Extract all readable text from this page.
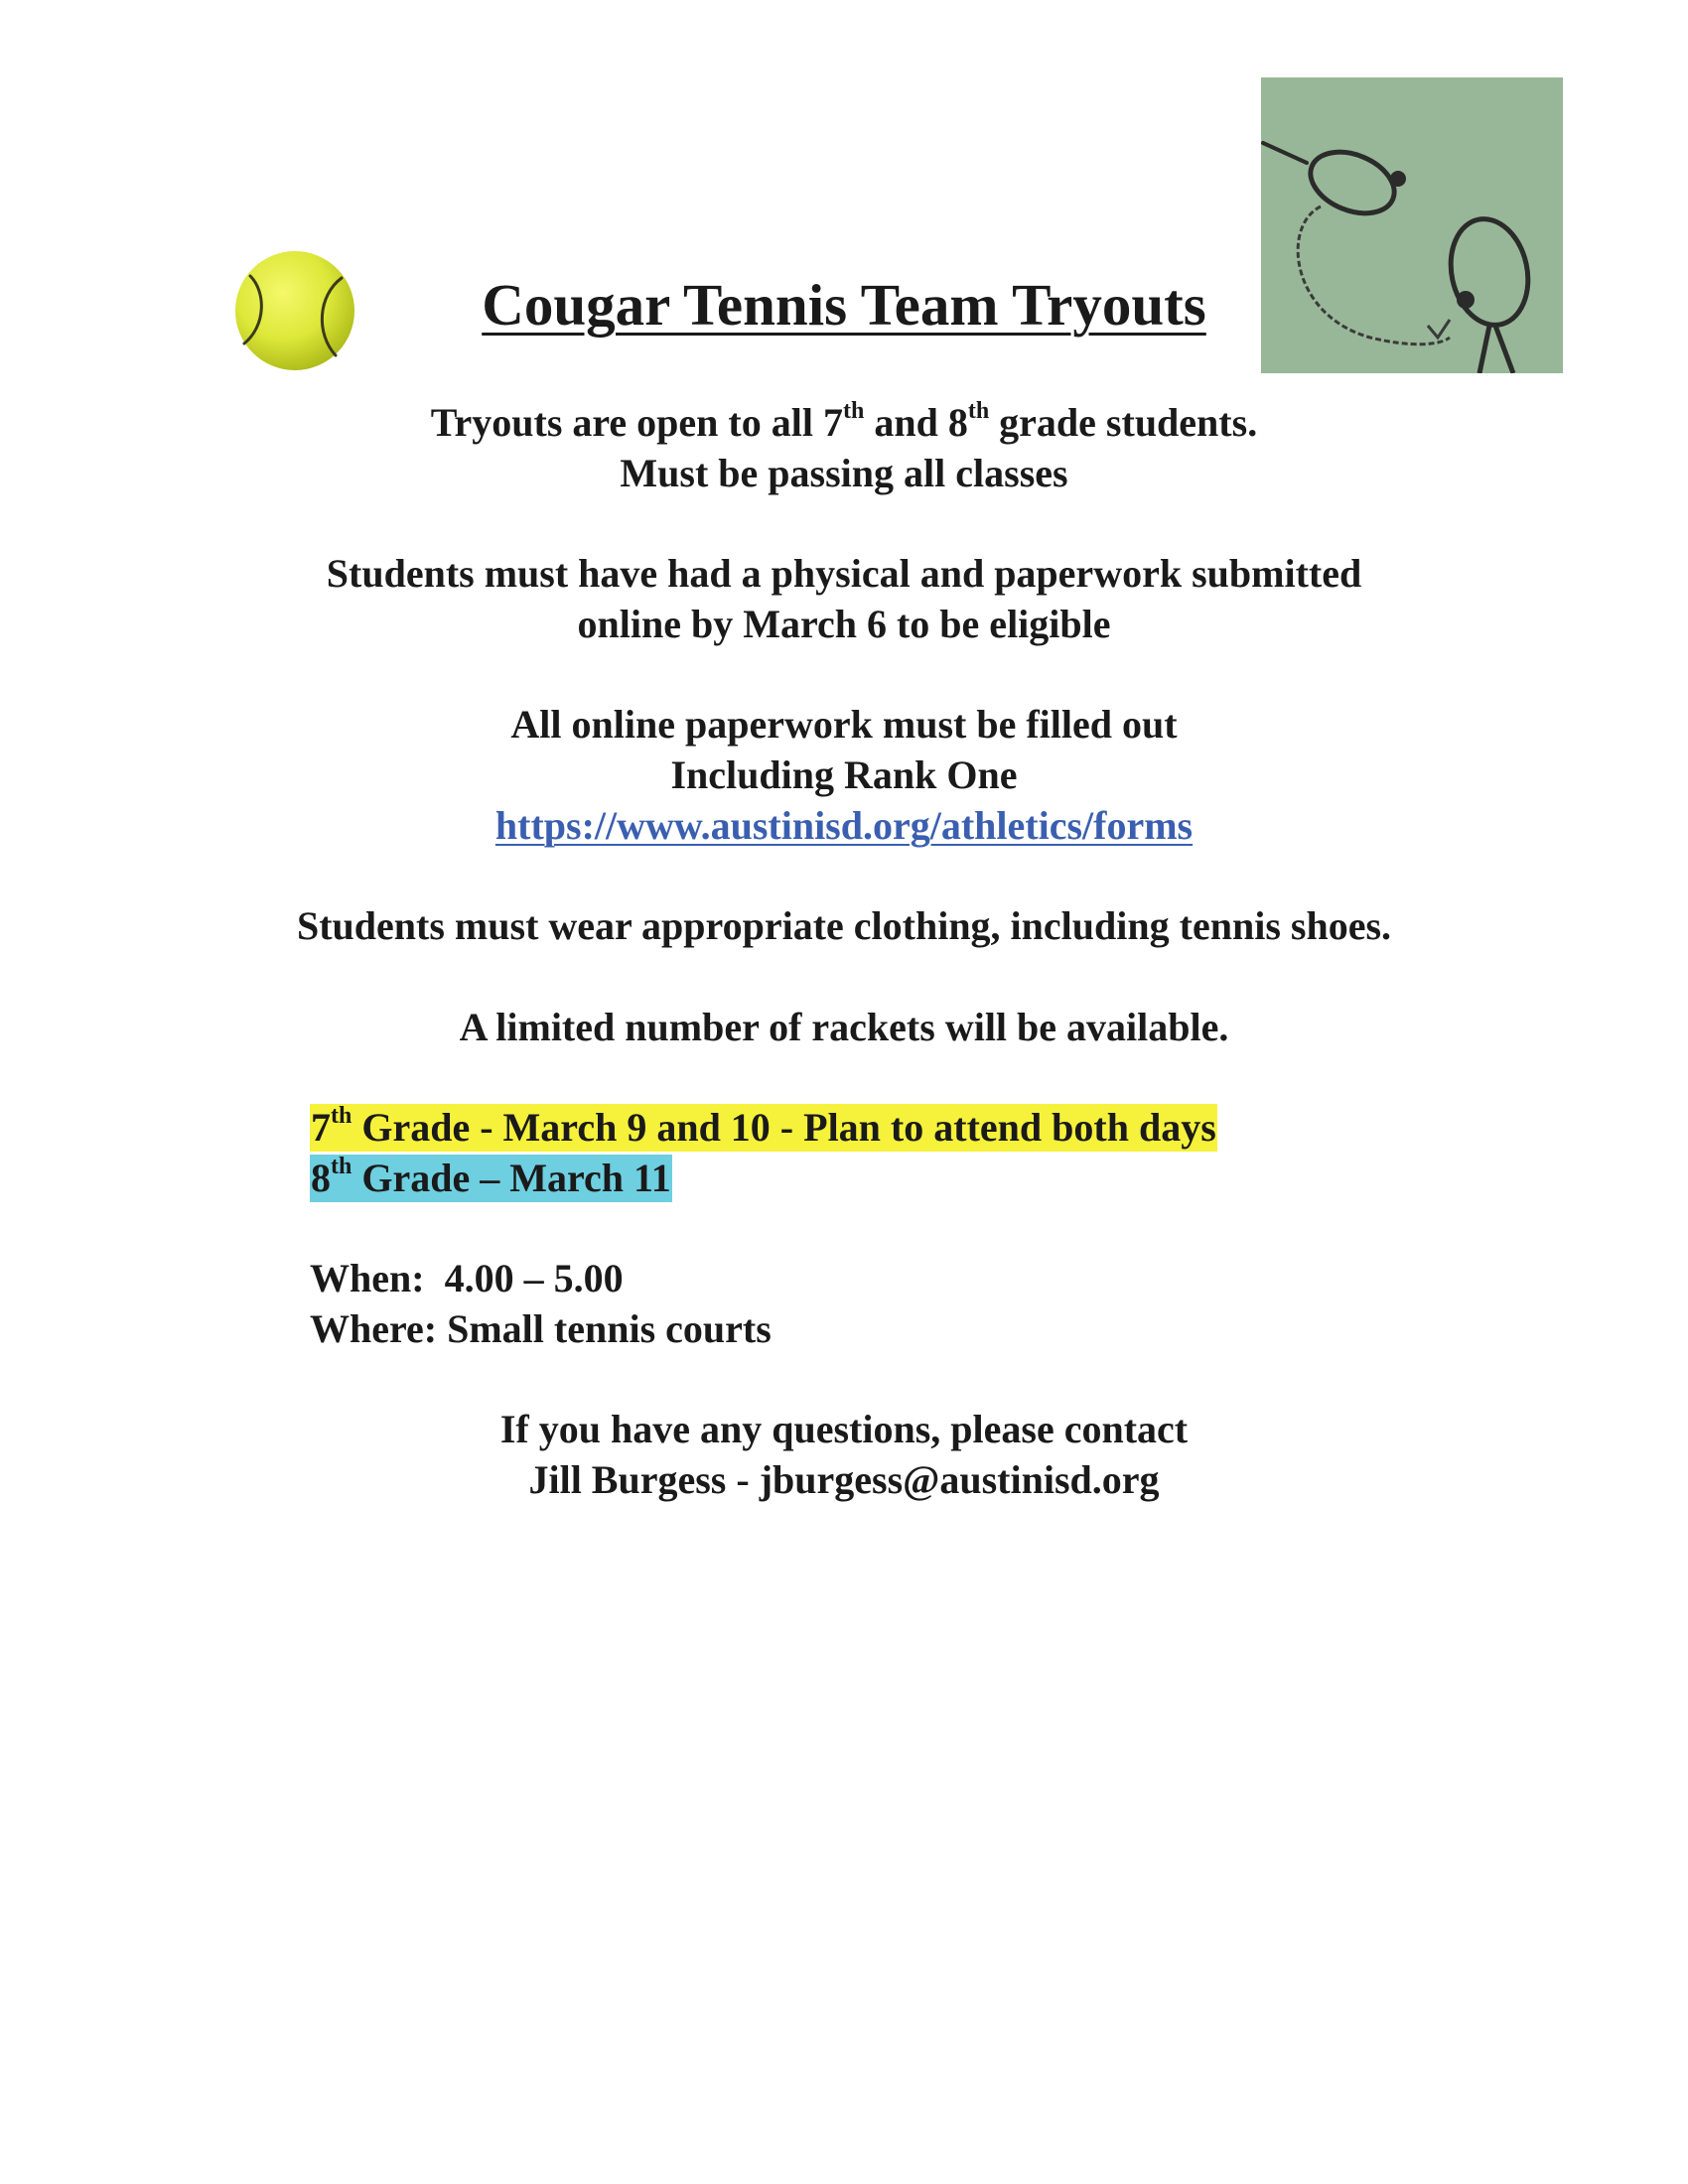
Cougar Tennis Team Tryouts
Tryouts are open to all 7th and 8th grade students.
Must be passing all classes
Students must have had a physical and paperwork submitted
online by March 6 to be eligible
All online paperwork must be filled out
Including Rank One
https://www.austinisd.org/athletics/forms
Students must wear appropriate clothing, including tennis shoes.
A limited number of rackets will be available.
7th Grade - March 9 and 10 - Plan to attend both days
8th Grade – March 11
When:  4.00 – 5.00
Where: Small tennis courts
If you have any questions, please contact
Jill Burgess - jburgess@austinisd.org
